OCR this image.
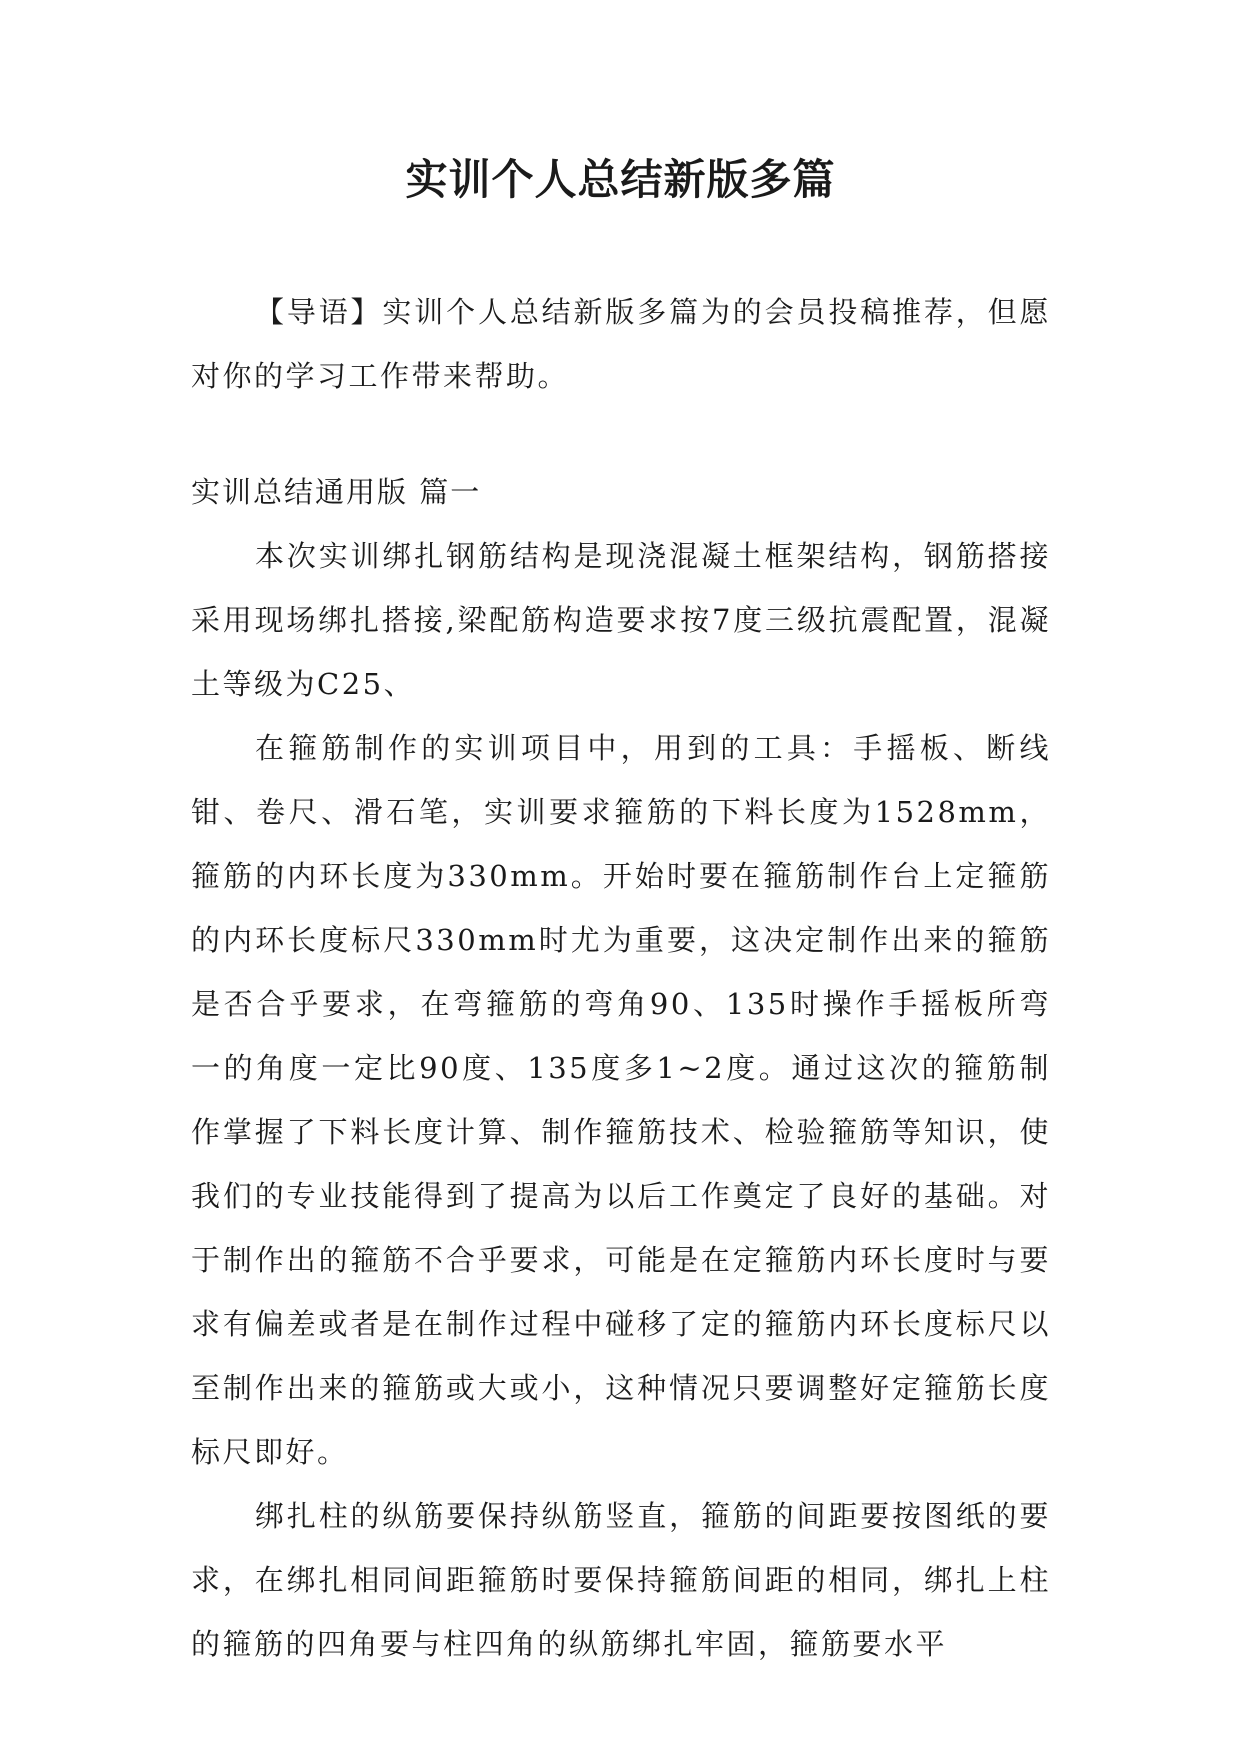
实训个人总结新版多篇

【导语】实训个人总结新版多篇为的会员投稿推荐，但愿对你的学习工作带来帮助。

实训总结通用版 篇一

本次实训绑扎钢筋结构是现浇混凝土框架结构，钢筋搭接采用现场绑扎搭接,梁配筋构造要求按7度三级抗震配置，混凝土等级为C25、

在箍筋制作的实训项目中，用到的工具：手摇板、断线钳、卷尺、滑石笔，实训要求箍筋的下料长度为1528mm，箍筋的内环长度为330mm。开始时要在箍筋制作台上定箍筋的内环长度标尺330mm时尤为重要，这决定制作出来的箍筋是否合乎要求，在弯箍筋的弯角90、135时操作手摇板所弯一的角度一定比90度、135度多1~2度。通过这次的箍筋制作掌握了下料长度计算、制作箍筋技术、检验箍筋等知识，使我们的专业技能得到了提高为以后工作奠定了良好的基础。对于制作出的箍筋不合乎要求，可能是在定箍筋内环长度时与要求有偏差或者是在制作过程中碰移了定的箍筋内环长度标尺以至制作出来的箍筋或大或小，这种情况只要调整好定箍筋长度标尺即好。

绑扎柱的纵筋要保持纵筋竖直，箍筋的间距要按图纸的要求，在绑扎相同间距箍筋时要保持箍筋间距的相同，绑扎上柱的箍筋的四角要与柱四角的纵筋绑扎牢固，箍筋要水平
